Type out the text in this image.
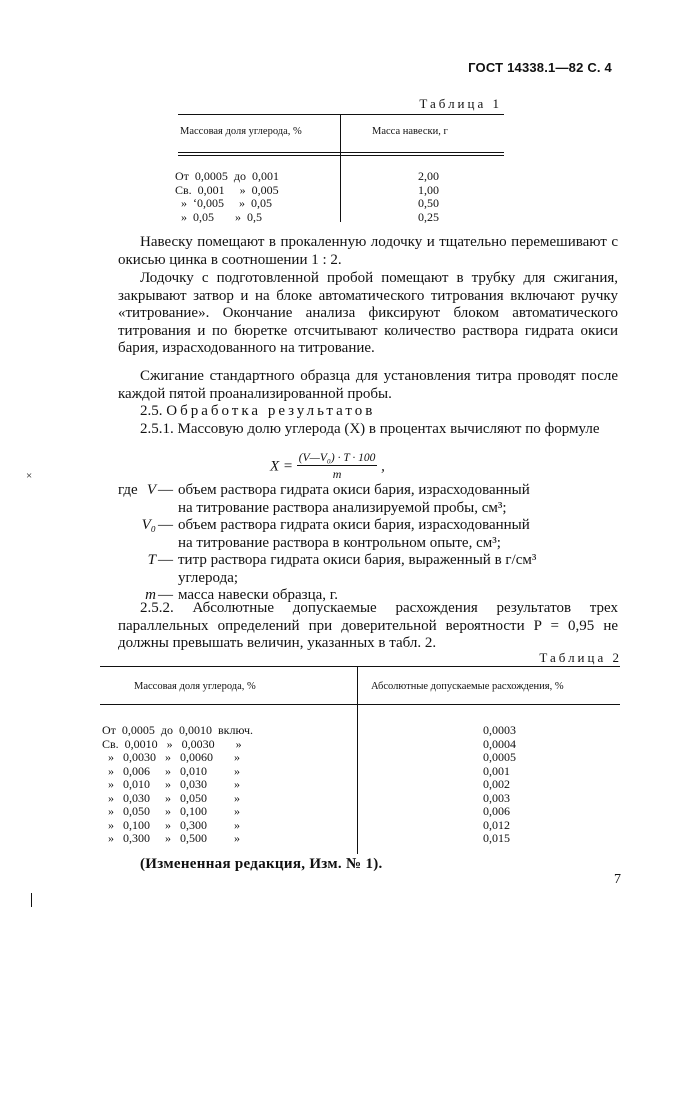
ГОСТ 14338.1—82 С. 4
Таблица 1
Массовая доля углерода, %	Масса навески, г
От  0,0005  до  0,001
Св.  0,001     »  0,005
»  ‘0,005     »  0,05
»  0,05       »  0,5
2,00
1,00
0,50
0,25
Навеску помещают в прокаленную лодочку и тщательно перемешивают с окисью цинка в соотношении 1 : 2.
Лодочку с подготовленной пробой помещают в трубку для сжигания, закрывают затвор и на блоке автоматического титрования включают ручку «титрование». Окончание анализа фиксируют блоком автоматического титрования и по бюретке отсчитывают количество раствора гидрата окиси бария, израсходованного на титрование.
Сжигание стандартного образца для установления титра проводят после каждой пятой проанализированной пробы.
2.5. Обработка результатов
2.5.1. Массовую долю углерода (X) в процентах вычисляют по формуле
$X = \frac{\text{(V—V₀) · T · 100}}{m}$ ,
×
где V — объем раствора гидрата окиси бария, израсходованный
на титрование раствора анализируемой пробы, см³;
V₀ — объем раствора гидрата окиси бария, израсходованный
на титрование раствора в контрольном опыте, см³;
T — титр раствора гидрата окиси бария, выраженный в г/см³
углерода;
m — масса навески образца, г.
2.5.2. Абсолютные допускаемые расхождения результатов трех параллельных определений при доверительной вероятности P = 0,95 не должны превышать величин, указанных в табл. 2.
Таблица 2
Массовая доля углерода, %	Абсолютные допускаемые расхождения, %
От  0,0005  до  0,0010  включ.
Св.  0,0010   »   0,0030       »
»   0,0030   »   0,0060       »
»   0,006     »   0,010         »
»   0,010     »   0,030         »
»   0,030     »   0,050         »
»   0,050     »   0,100         »
»   0,100     »   0,300         »
»   0,300     »   0,500         »
0,0003
0,0004
0,0005
0,001
0,002
0,003
0,006
0,012
0,015
(Измененная редакция, Изм. № 1).
7
